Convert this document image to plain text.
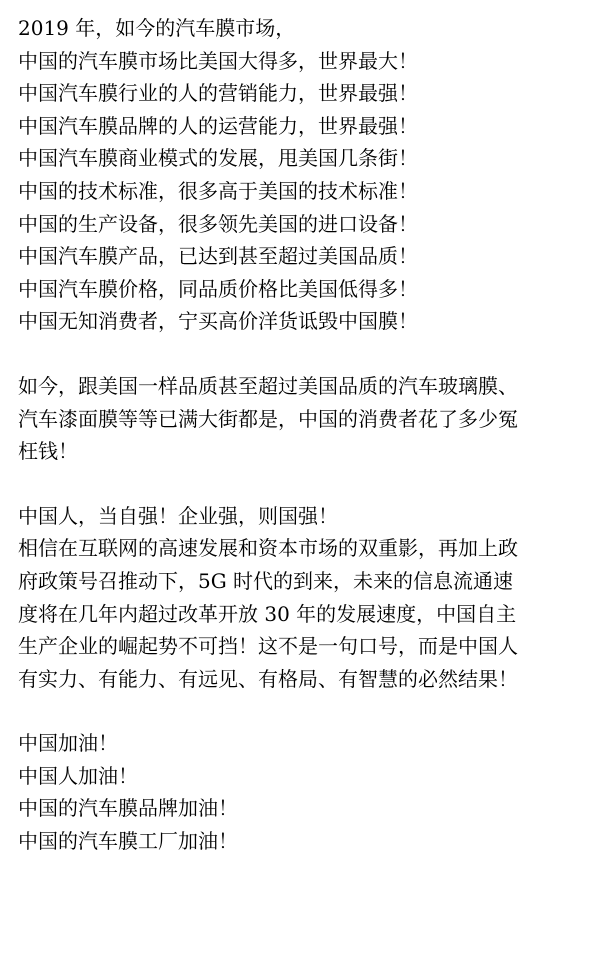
2019 年，如今的汽车膜市场，
中国的汽车膜市场比美国大得多，世界最大！
中国汽车膜行业的人的营销能力，世界最强！
中国汽车膜品牌的人的运营能力，世界最强！
中国汽车膜商业模式的发展，甩美国几条街！
中国的技术标准，很多高于美国的技术标准！
中国的生产设备，很多领先美国的进口设备！
中国汽车膜产品，已达到甚至超过美国品质！
中国汽车膜价格，同品质价格比美国低得多！
中国无知消费者，宁买高价洋货诋毁中国膜！
如今，跟美国一样品质甚至超过美国品质的汽车玻璃膜、
汽车漆面膜等等已满大街都是，中国的消费者花了多少冤
枉钱！
中国人，当自强！企业强，则国强！
相信在互联网的高速发展和资本市场的双重影，再加上政
府政策号召推动下，5G 时代的到来，未来的信息流通速
度将在几年内超过改革开放 30 年的发展速度，中国自主
生产企业的崛起势不可挡！这不是一句口号，而是中国人
有实力、有能力、有远见、有格局、有智慧的必然结果！
中国加油！
中国人加油！
中国的汽车膜品牌加油！
中国的汽车膜工厂加油！
